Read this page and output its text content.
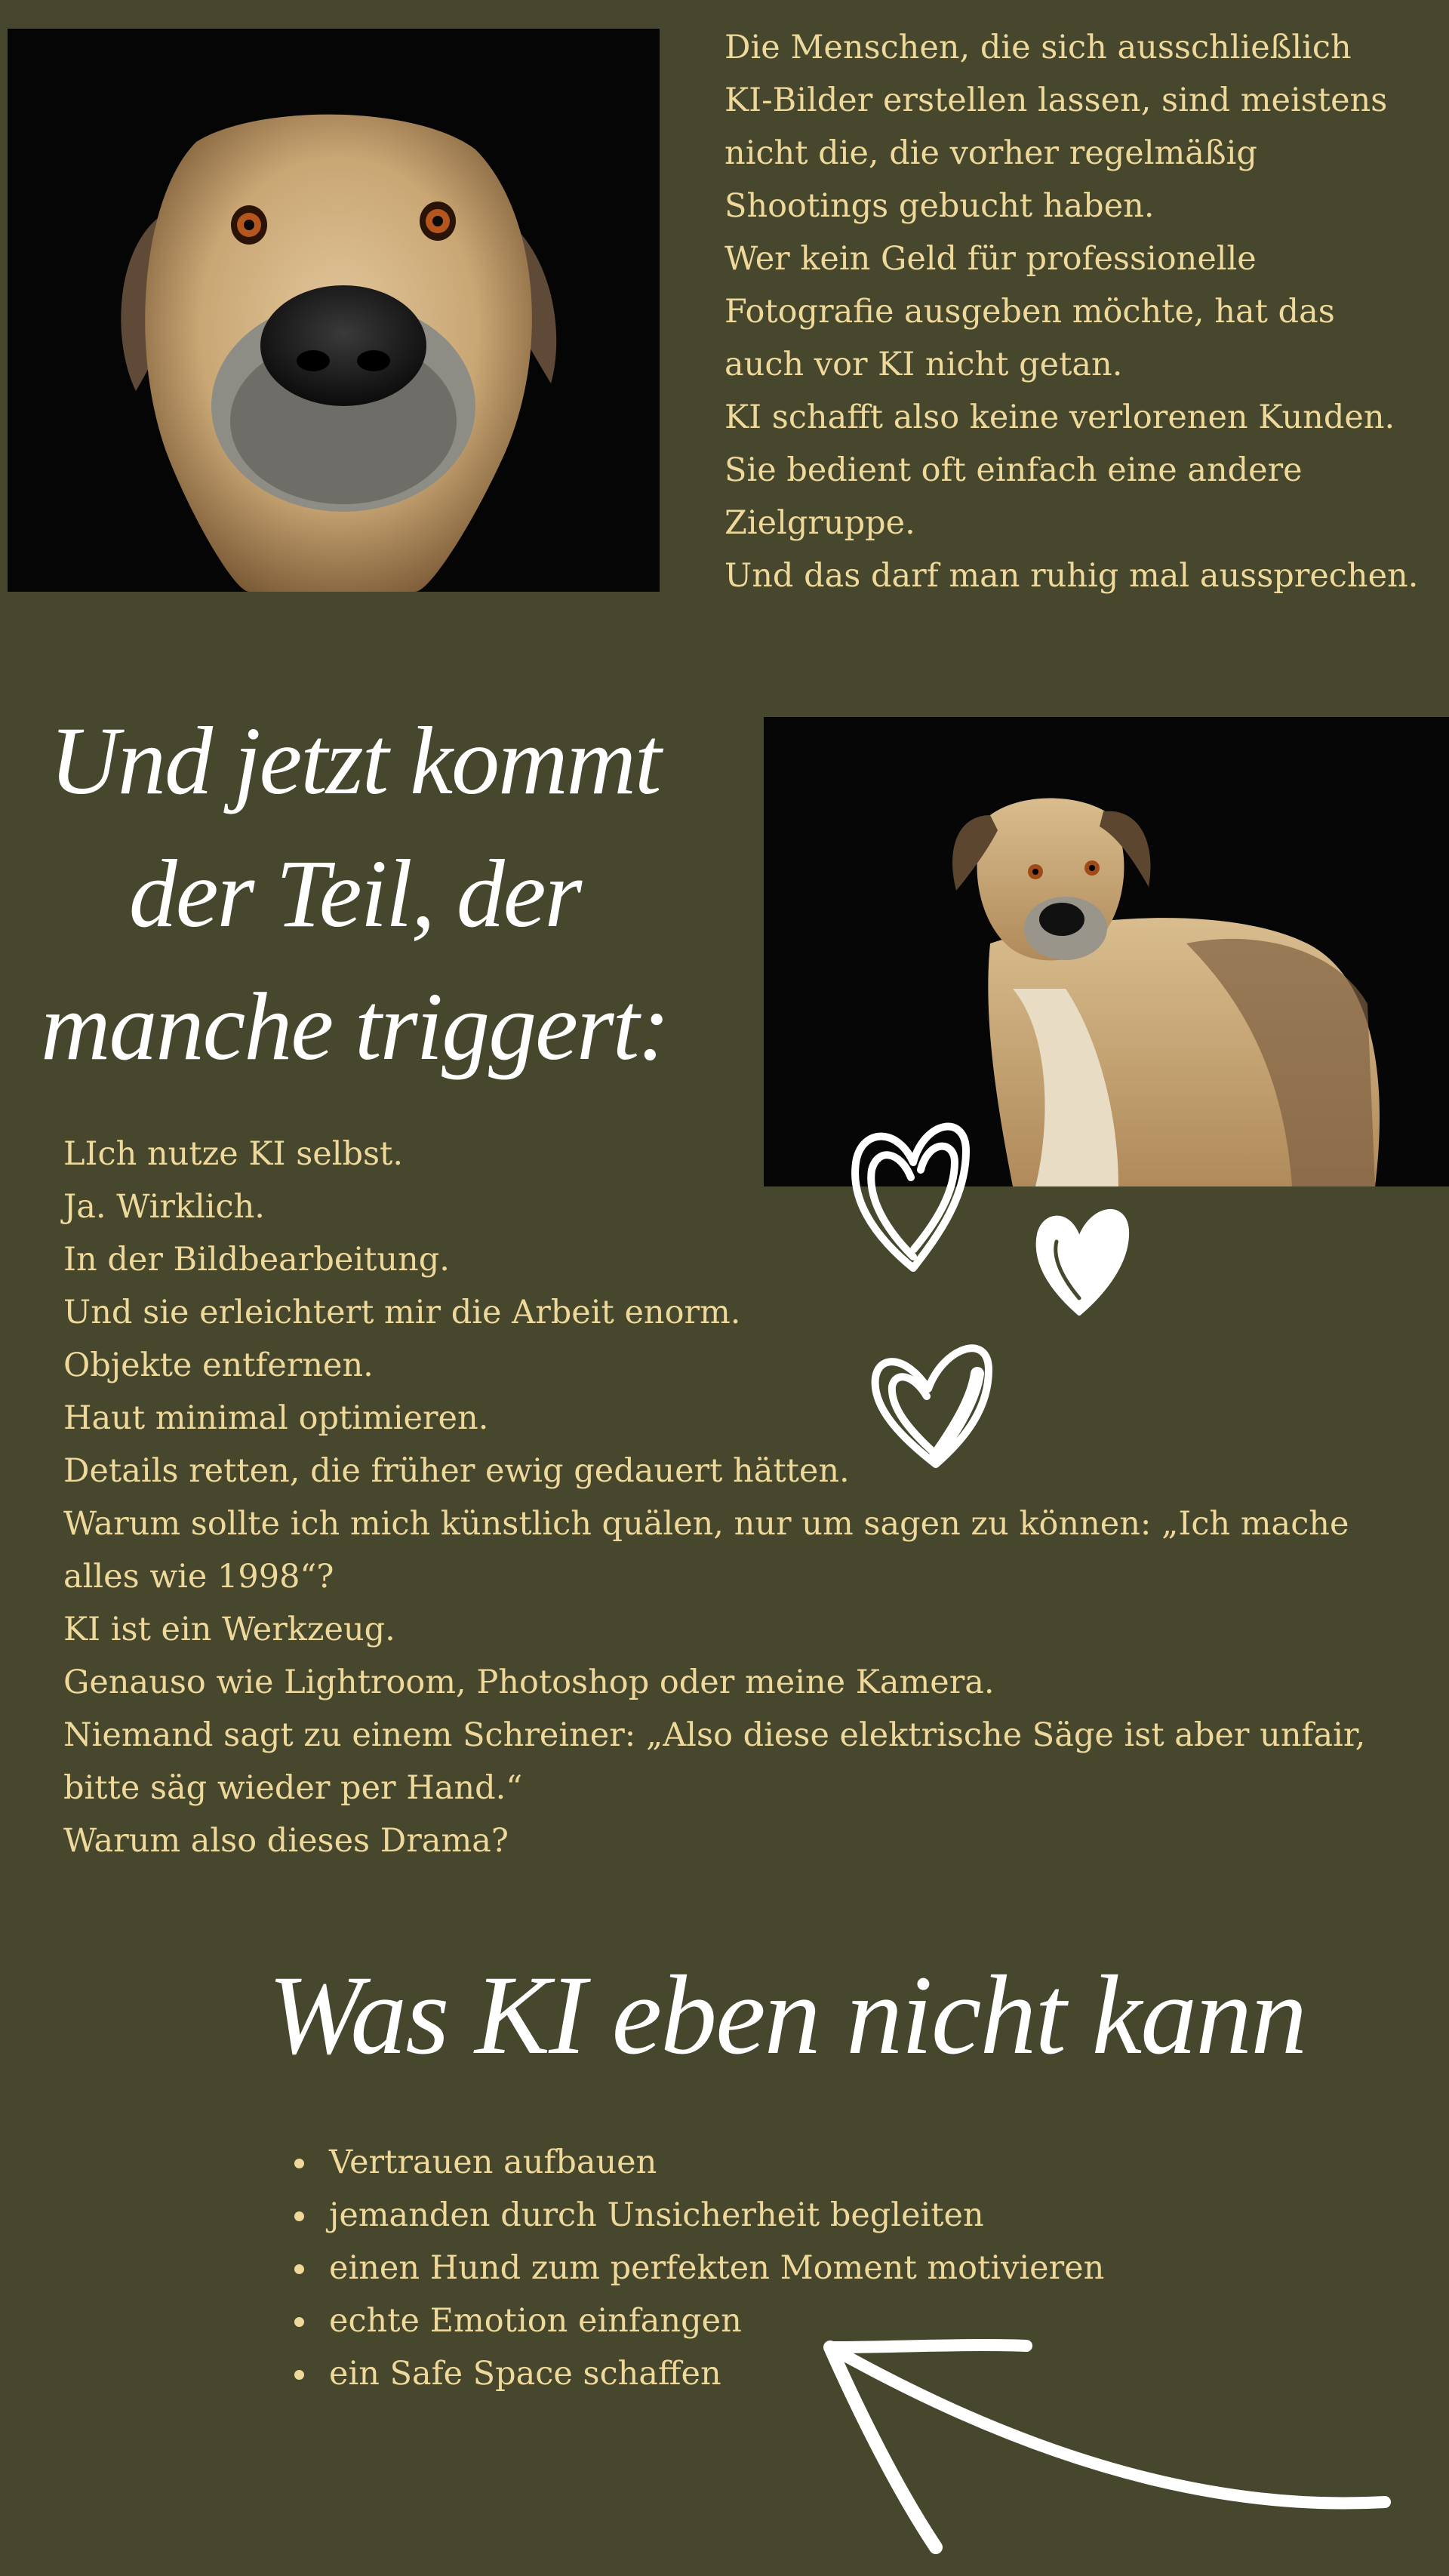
Die Menschen, die sich ausschließlich
KI-Bilder erstellen lassen, sind meistens
nicht die, die vorher regelmäßig
Shootings gebucht haben.
Wer kein Geld für professionelle
Fotografie ausgeben möchte, hat das
auch vor KI nicht getan.
KI schafft also keine verlorenen Kunden.
Sie bedient oft einfach eine andere
Zielgruppe.
Und das darf man ruhig mal aussprechen.
Und jetzt kommt
der Teil, der
manche triggert:
LIch nutze KI selbst.
Ja. Wirklich.
In der Bildbearbeitung.
Und sie erleichtert mir die Arbeit enorm.
Objekte entfernen.
Haut minimal optimieren.
Details retten, die früher ewig gedauert hätten.
Warum sollte ich mich künstlich quälen, nur um sagen zu können: „Ich mache
alles wie 1998“?
KI ist ein Werkzeug.
Genauso wie Lightroom, Photoshop oder meine Kamera.
Niemand sagt zu einem Schreiner: „Also diese elektrische Säge ist aber unfair,
bitte säg wieder per Hand.“
Warum also dieses Drama?
Was KI eben nicht kann
Vertrauen aufbauen
jemanden durch Unsicherheit begleiten
einen Hund zum perfekten Moment motivieren
echte Emotion einfangen
ein Safe Space schaffen
